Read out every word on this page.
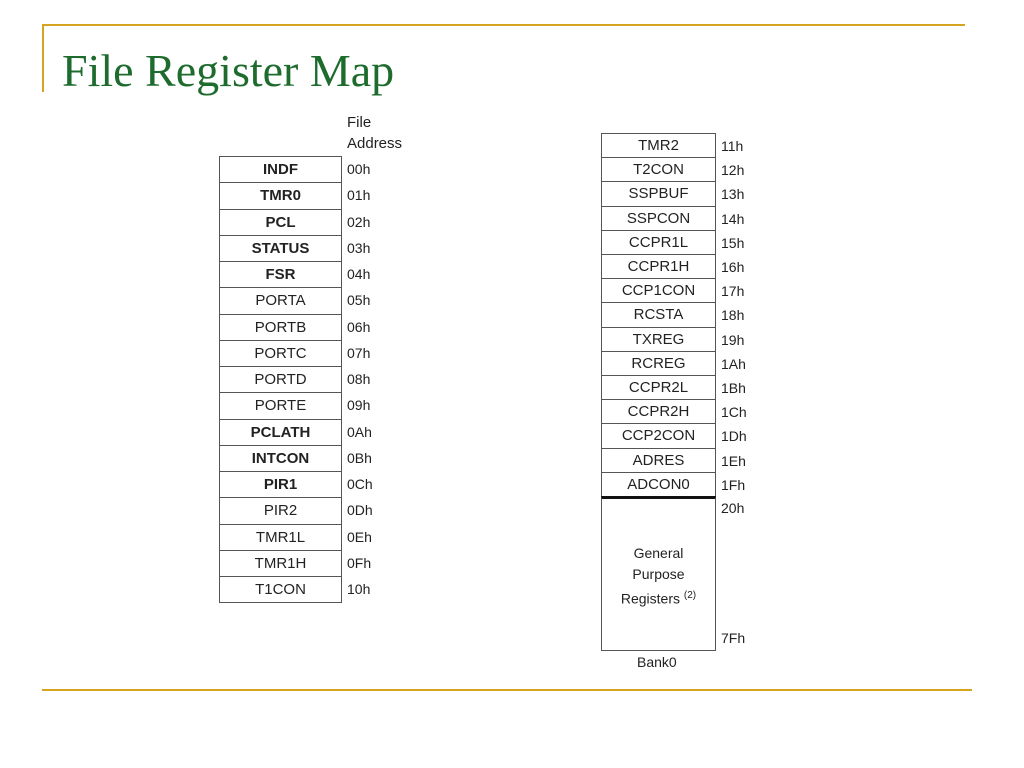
File Register Map
File
Address
INDF	00h
TMR0	01h
PCL	02h
STATUS	03h
FSR	04h
PORTA	05h
PORTB	06h
PORTC	07h
PORTD	08h
PORTE	09h
PCLATH	0Ah
INTCON	0Bh
PIR1	0Ch
PIR2	0Dh
TMR1L	0Eh
TMR1H	0Fh
T1CON	10h
TMR2	11h
T2CON	12h
SSPBUF	13h
SSPCON	14h
CCPR1L	15h
CCPR1H	16h
CCP1CON	17h
RCSTA	18h
TXREG	19h
RCREG	1Ah
CCPR2L	1Bh
CCPR2H	1Ch
CCP2CON	1Dh
ADRES	1Eh
ADCON0	1Fh
General
Purpose
Registers $^{(2)}$
20h
7Fh
Bank0
